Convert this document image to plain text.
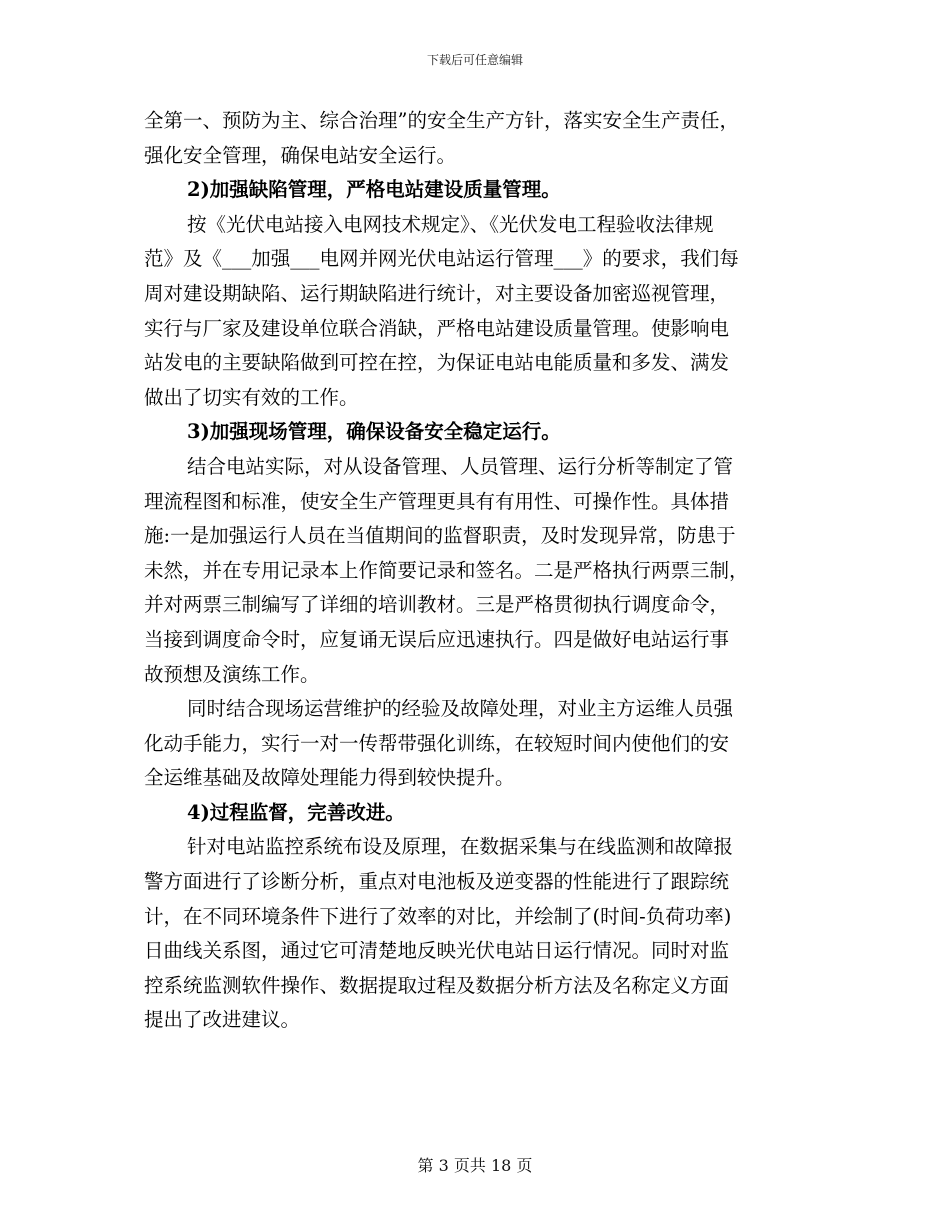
下载后可任意编辑
全第一、预防为主、综合治理”的安全生产方针，落实安全生产责任，
强化安全管理，确保电站安全运行。
2)加强缺陷管理，严格电站建设质量管理。
按《光伏电站接入电网技术规定》、《光伏发电工程验收法律规
范》及《___加强___电网并网光伏电站运行管理___》的要求，我们每
周对建设期缺陷、运行期缺陷进行统计，对主要设备加密巡视管理，
实行与厂家及建设单位联合消缺，严格电站建设质量管理。使影响电
站发电的主要缺陷做到可控在控，为保证电站电能质量和多发、满发
做出了切实有效的工作。
3)加强现场管理，确保设备安全稳定运行。
结合电站实际，对从设备管理、人员管理、运行分析等制定了管
理流程图和标准，使安全生产管理更具有有用性、可操作性。具体措
施:一是加强运行人员在当值期间的监督职责，及时发现异常，防患于
未然，并在专用记录本上作简要记录和签名。二是严格执行两票三制，
并对两票三制编写了详细的培训教材。三是严格贯彻执行调度命令，
当接到调度命令时，应复诵无误后应迅速执行。四是做好电站运行事
故预想及演练工作。
同时结合现场运营维护的经验及故障处理，对业主方运维人员强
化动手能力，实行一对一传帮带强化训练，在较短时间内使他们的安
全运维基础及故障处理能力得到较快提升。
4)过程监督，完善改进。
针对电站监控系统布设及原理，在数据采集与在线监测和故障报
警方面进行了诊断分析，重点对电池板及逆变器的性能进行了跟踪统
计，在不同环境条件下进行了效率的对比，并绘制了(时间-负荷功率)
日曲线关系图，通过它可清楚地反映光伏电站日运行情况。同时对监
控系统监测软件操作、数据提取过程及数据分析方法及名称定义方面
提出了改进建议。
第 3 页共 18 页
